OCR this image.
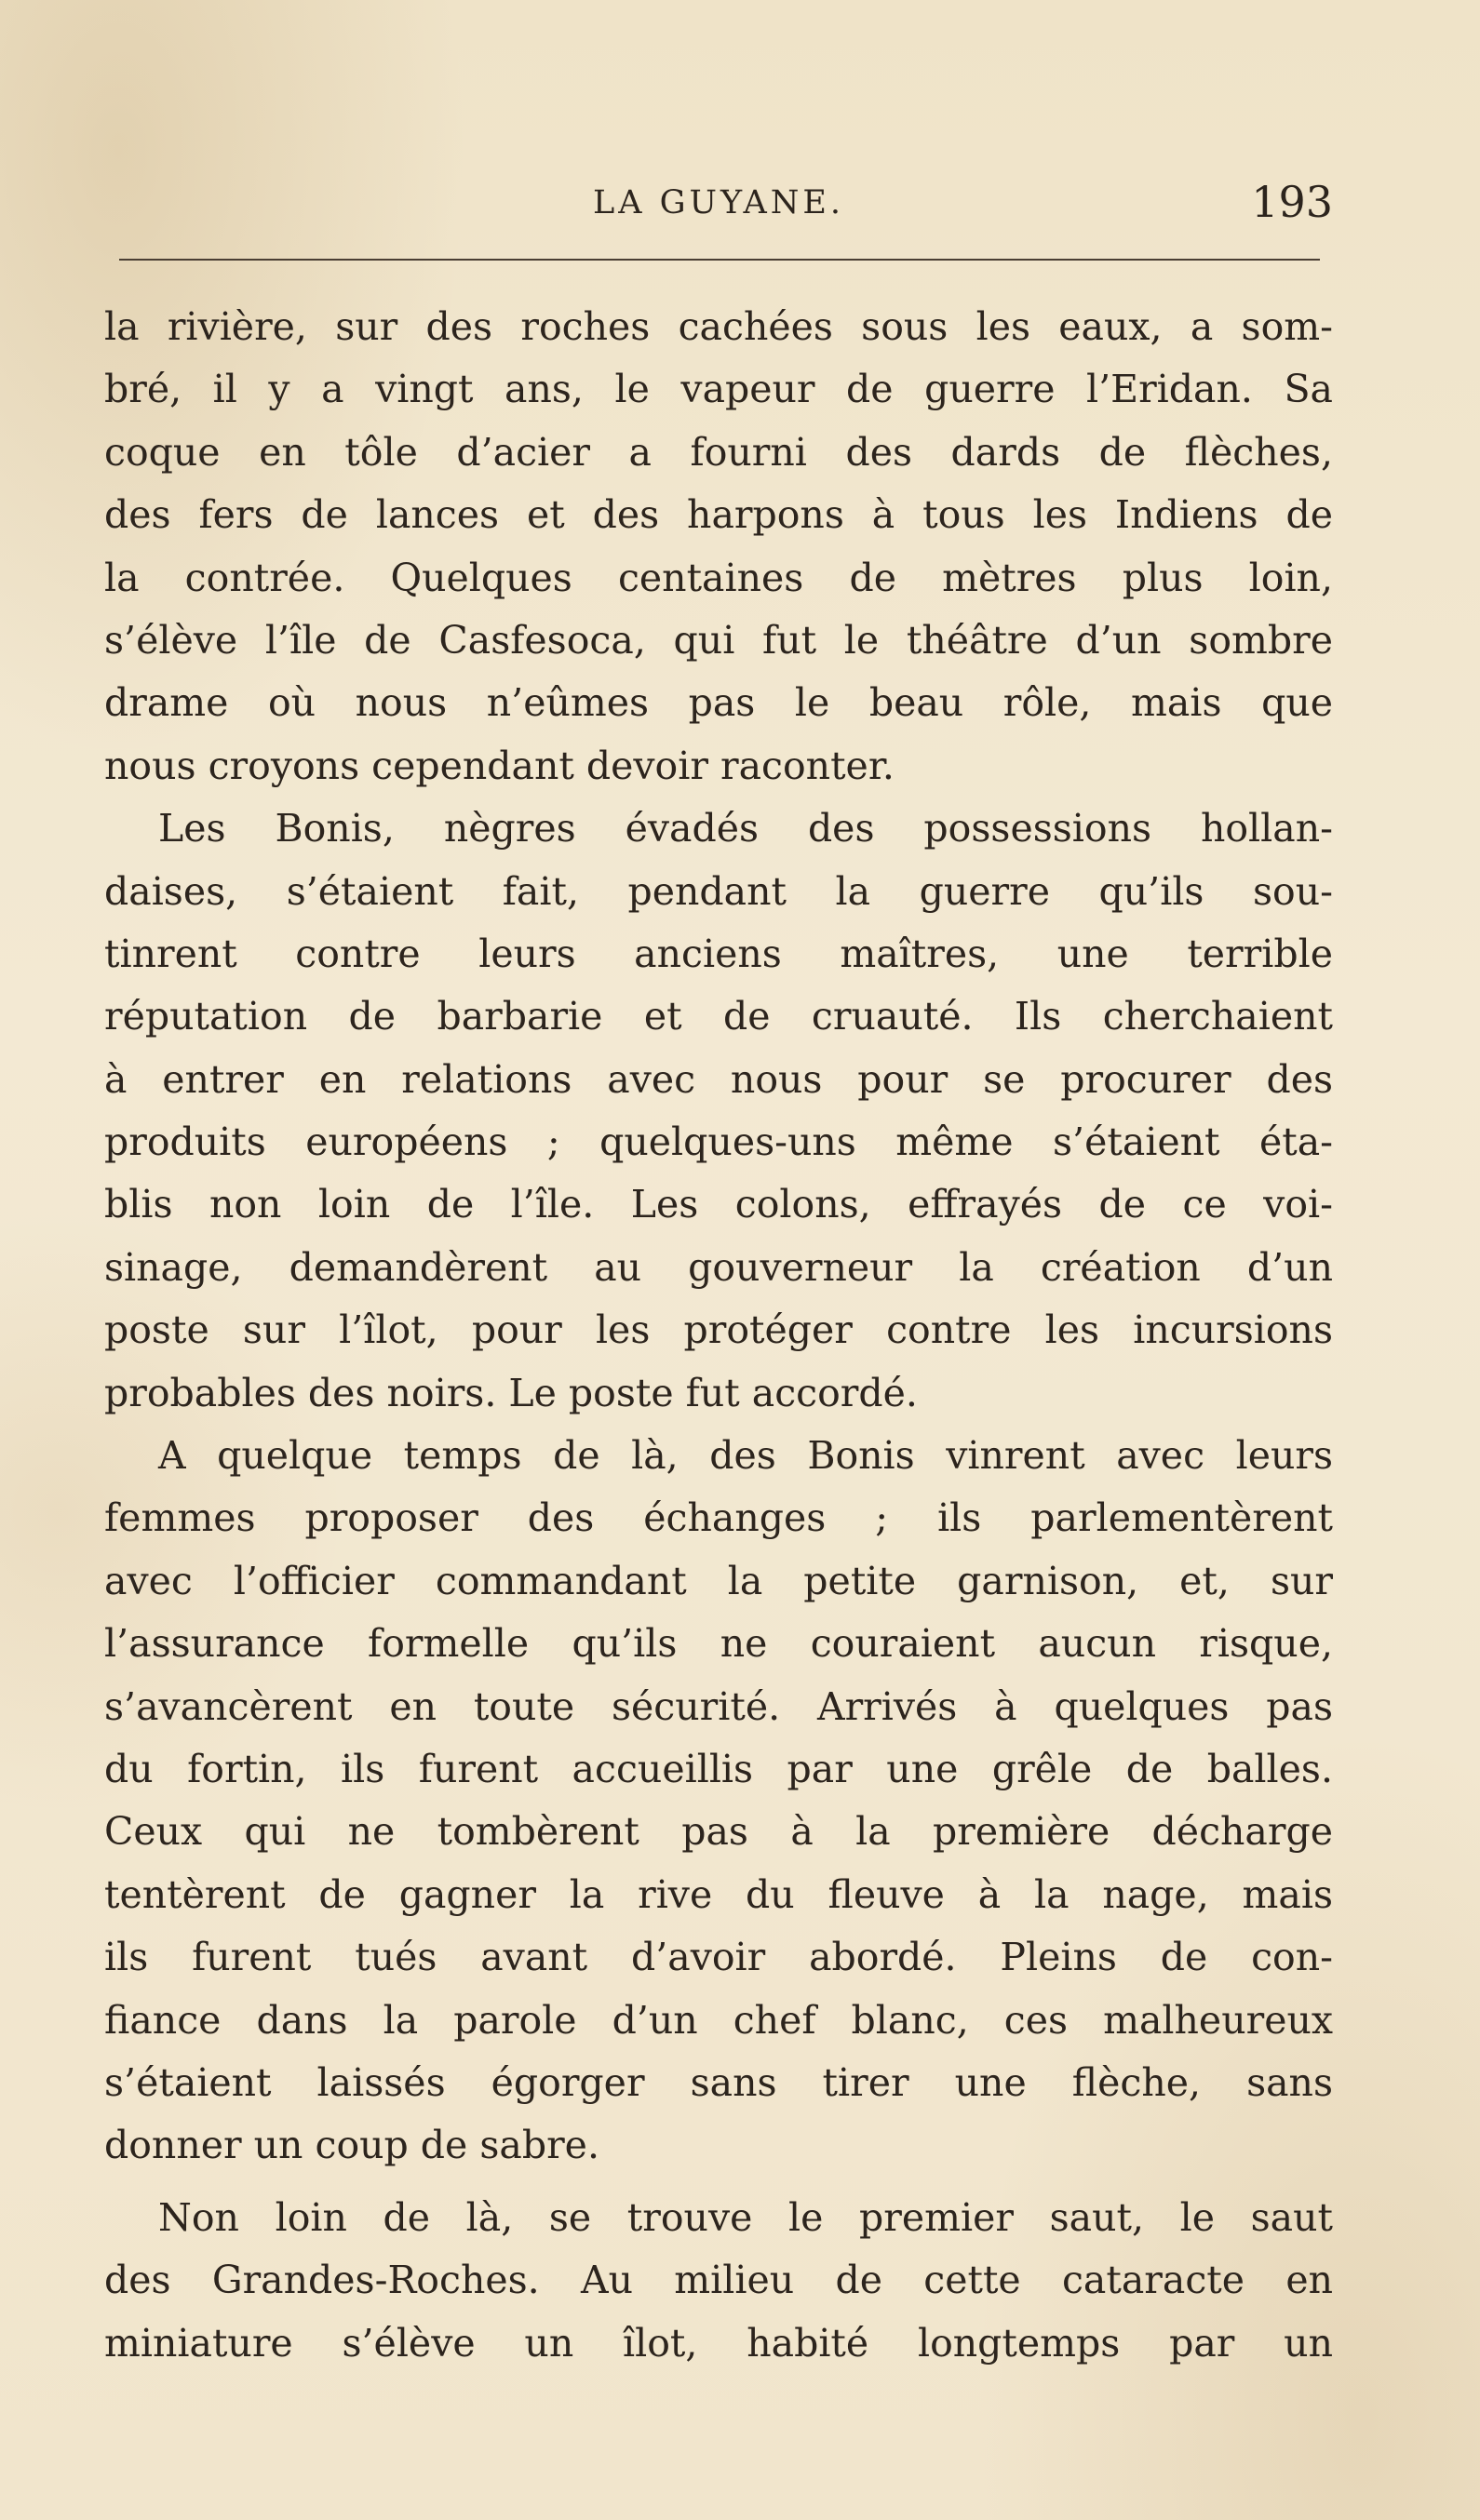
LA GUYANE.	193
la rivière, sur des roches cachées sous les eaux, a som-
bré, il y a vingt ans, le vapeur de guerre l’Eridan. Sa
coque en tôle d’acier a fourni des dards de flèches,
des fers de lances et des harpons à tous les Indiens de
la contrée. Quelques centaines de mètres plus loin,
s’élève l’île de Casfesoca, qui fut le théâtre d’un sombre
drame où nous n’eûmes pas le beau rôle, mais que
nous croyons cependant devoir raconter.
Les Bonis, nègres évadés des possessions hollan-
daises, s’étaient fait, pendant la guerre qu’ils sou-
tinrent contre leurs anciens maîtres, une terrible
réputation de barbarie et de cruauté. Ils cherchaient
à entrer en relations avec nous pour se procurer des
produits européens ; quelques-uns même s’étaient éta-
blis non loin de l’île. Les colons, effrayés de ce voi-
sinage, demandèrent au gouverneur la création d’un
poste sur l’îlot, pour les protéger contre les incursions
probables des noirs. Le poste fut accordé.
A quelque temps de là, des Bonis vinrent avec leurs
femmes proposer des échanges ; ils parlementèrent
avec l’officier commandant la petite garnison, et, sur
l’assurance formelle qu’ils ne couraient aucun risque,
s’avancèrent en toute sécurité. Arrivés à quelques pas
du fortin, ils furent accueillis par une grêle de balles.
Ceux qui ne tombèrent pas à la première décharge
tentèrent de gagner la rive du fleuve à la nage, mais
ils furent tués avant d’avoir abordé. Pleins de con-
fiance dans la parole d’un chef blanc, ces malheureux
s’étaient laissés égorger sans tirer une flèche, sans
donner un coup de sabre.
Non loin de là, se trouve le premier saut, le saut
des Grandes-Roches. Au milieu de cette cataracte en
miniature s’élève un îlot, habité longtemps par un
